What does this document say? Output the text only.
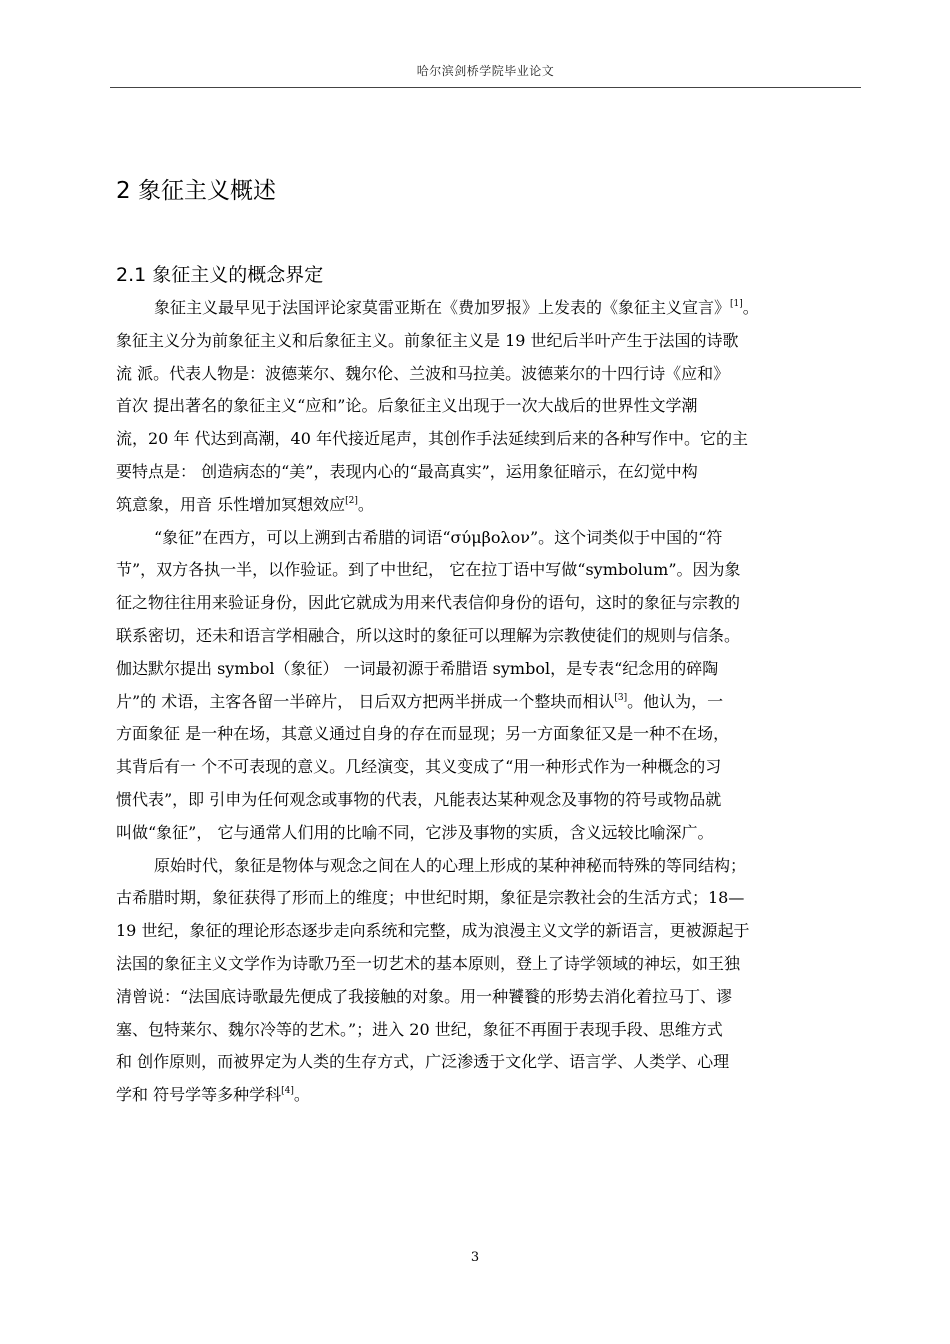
哈尔滨剑桥学院毕业论文
2 象征主义概述
2.1 象征主义的概念界定
象征主义最早见于法国评论家莫雷亚斯在《费加罗报》上发表的《象征主义宣言》[1]。
象征主义分为前象征主义和后象征主义。前象征主义是 19 世纪后半叶产生于法国的诗歌
流 派。代表人物是：波德莱尔、魏尔伦、兰波和马拉美。波德莱尔的十四行诗《应和》
首次 提出著名的象征主义“应和”论。后象征主义出现于一次大战后的世界性文学潮
流，20 年 代达到高潮，40 年代接近尾声，其创作手法延续到后来的各种写作中。它的主
要特点是： 创造病态的“美”，表现内心的“最高真实”，运用象征暗示，在幻觉中构
筑意象，用音 乐性增加冥想效应[2]。
“象征”在西方，可以上溯到古希腊的词语“σύμβολον”。这个词类似于中国的“符
节”，双方各执一半，以作验证。到了中世纪， 它在拉丁语中写做“symbolum”。因为象
征之物往往用来验证身份，因此它就成为用来代表信仰身份的语句，这时的象征与宗教的
联系密切，还未和语言学相融合，所以这时的象征可以理解为宗教使徒们的规则与信条。
伽达默尔提出 symbol（象征） 一词最初源于希腊语 symbol，是专表“纪念用的碎陶
片”的 术语，主客各留一半碎片， 日后双方把两半拼成一个整块而相认[3]。他认为，一
方面象征 是一种在场，其意义通过自身的存在而显现；另一方面象征又是一种不在场，
其背后有一 个不可表现的意义。几经演变，其义变成了“用一种形式作为一种概念的习
惯代表”，即 引申为任何观念或事物的代表，凡能表达某种观念及事物的符号或物品就
叫做“象征”， 它与通常人们用的比喻不同，它涉及事物的实质，含义远较比喻深广。
原始时代，象征是物体与观念之间在人的心理上形成的某种神秘而特殊的等同结构；
古希腊时期，象征获得了形而上的维度；中世纪时期，象征是宗教社会的生活方式；18—
19 世纪，象征的理论形态逐步走向系统和完整，成为浪漫主义文学的新语言，更被源起于
法国的象征主义文学作为诗歌乃至一切艺术的基本原则，登上了诗学领域的神坛，如王独
清曾说：“法国底诗歌最先便成了我接触的对象。用一种饕餮的形势去消化着拉马丁、谬
塞、包特莱尔、魏尔冷等的艺术。”；进入 20 世纪，象征不再囿于表现手段、思维方式
和 创作原则，而被界定为人类的生存方式，广泛渗透于文化学、语言学、人类学、心理
学和 符号学等多种学科[4]。
3
